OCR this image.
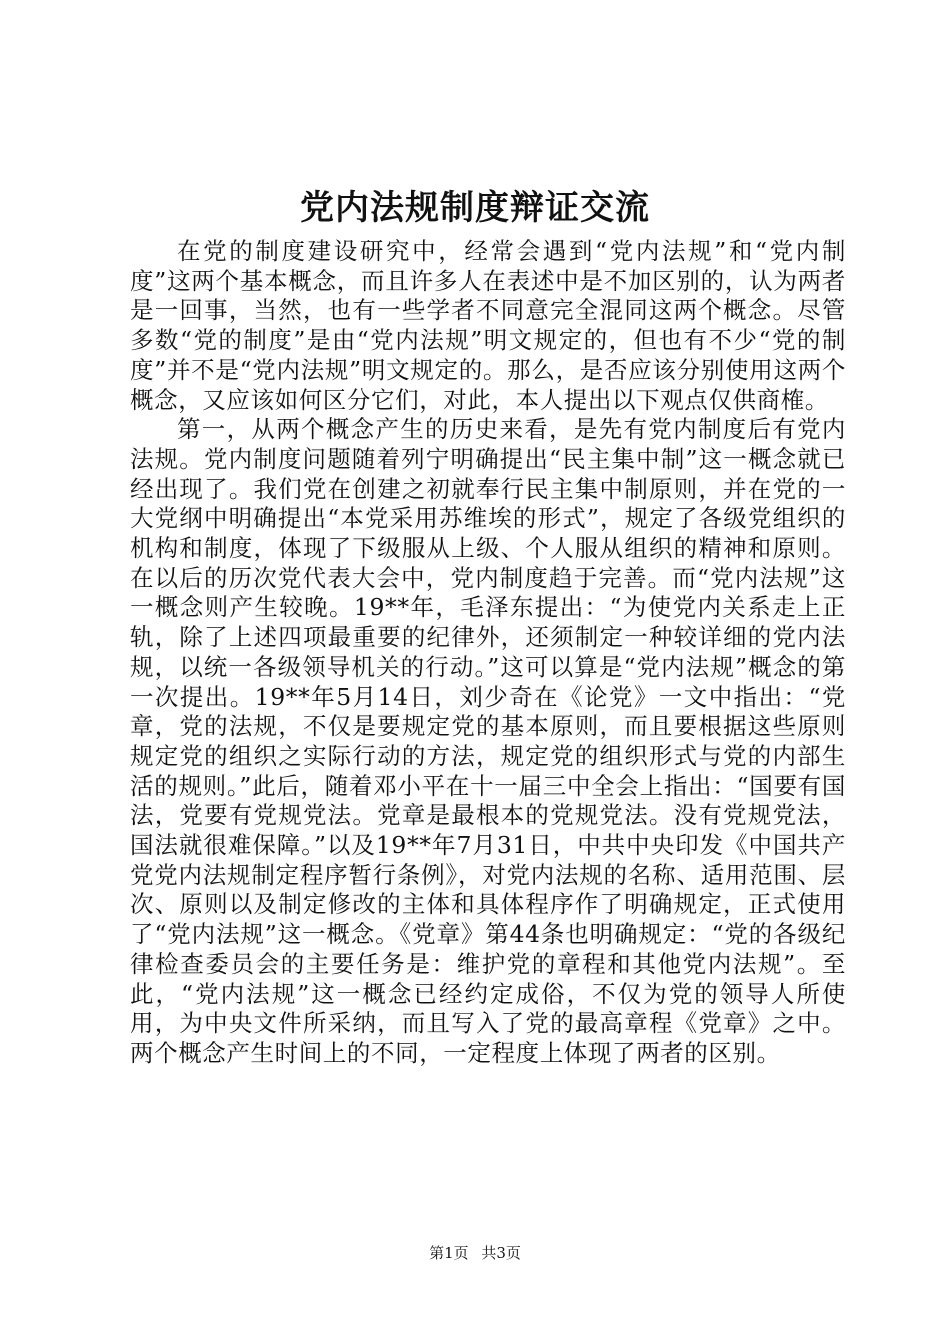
党内法规制度辩证交流

在党的制度建设研究中，经常会遇到“党内法规”和“党内制度”这两个基本概念，而且许多人在表述中是不加区别的，认为两者是一回事，当然，也有一些学者不同意完全混同这两个概念。尽管多数“党的制度”是由“党内法规”明文规定的，但也有不少“党的制度”并不是“党内法规”明文规定的。那么，是否应该分别使用这两个概念，又应该如何区分它们，对此，本人提出以下观点仅供商榷。

第一，从两个概念产生的历史来看，是先有党内制度后有党内法规。党内制度问题随着列宁明确提出“民主集中制”这一概念就已经出现了。我们党在创建之初就奉行民主集中制原则，并在党的一大党纲中明确提出“本党采用苏维埃的形式”，规定了各级党组织的机构和制度，体现了下级服从上级、个人服从组织的精神和原则。在以后的历次党代表大会中，党内制度趋于完善。而“党内法规”这一概念则产生较晚。19**年，毛泽东提出：“为使党内关系走上正轨，除了上述四项最重要的纪律外，还须制定一种较详细的党内法规，以统一各级领导机关的行动。”这可以算是“党内法规”概念的第一次提出。19**年5月14日，刘少奇在《论党》一文中指出：“党章，党的法规，不仅是要规定党的基本原则，而且要根据这些原则规定党的组织之实际行动的方法，规定党的组织形式与党的内部生活的规则。”此后，随着邓小平在十一届三中全会上指出：“国要有国法，党要有党规党法。党章是最根本的党规党法。没有党规党法，国法就很难保障。”以及19**年7月31日，中共中央印发《中国共产党党内法规制定程序暂行条例》，对党内法规的名称、适用范围、层次、原则以及制定修改的主体和具体程序作了明确规定，正式使用了“党内法规”这一概念。《党章》第44条也明确规定：“党的各级纪律检查委员会的主要任务是：维护党的章程和其他党内法规”。至此，“党内法规”这一概念已经约定成俗，不仅为党的领导人所使用，为中央文件所采纳，而且写入了党的最高章程《党章》之中。两个概念产生时间上的不同，一定程度上体现了两者的区别。

第1页 共3页
